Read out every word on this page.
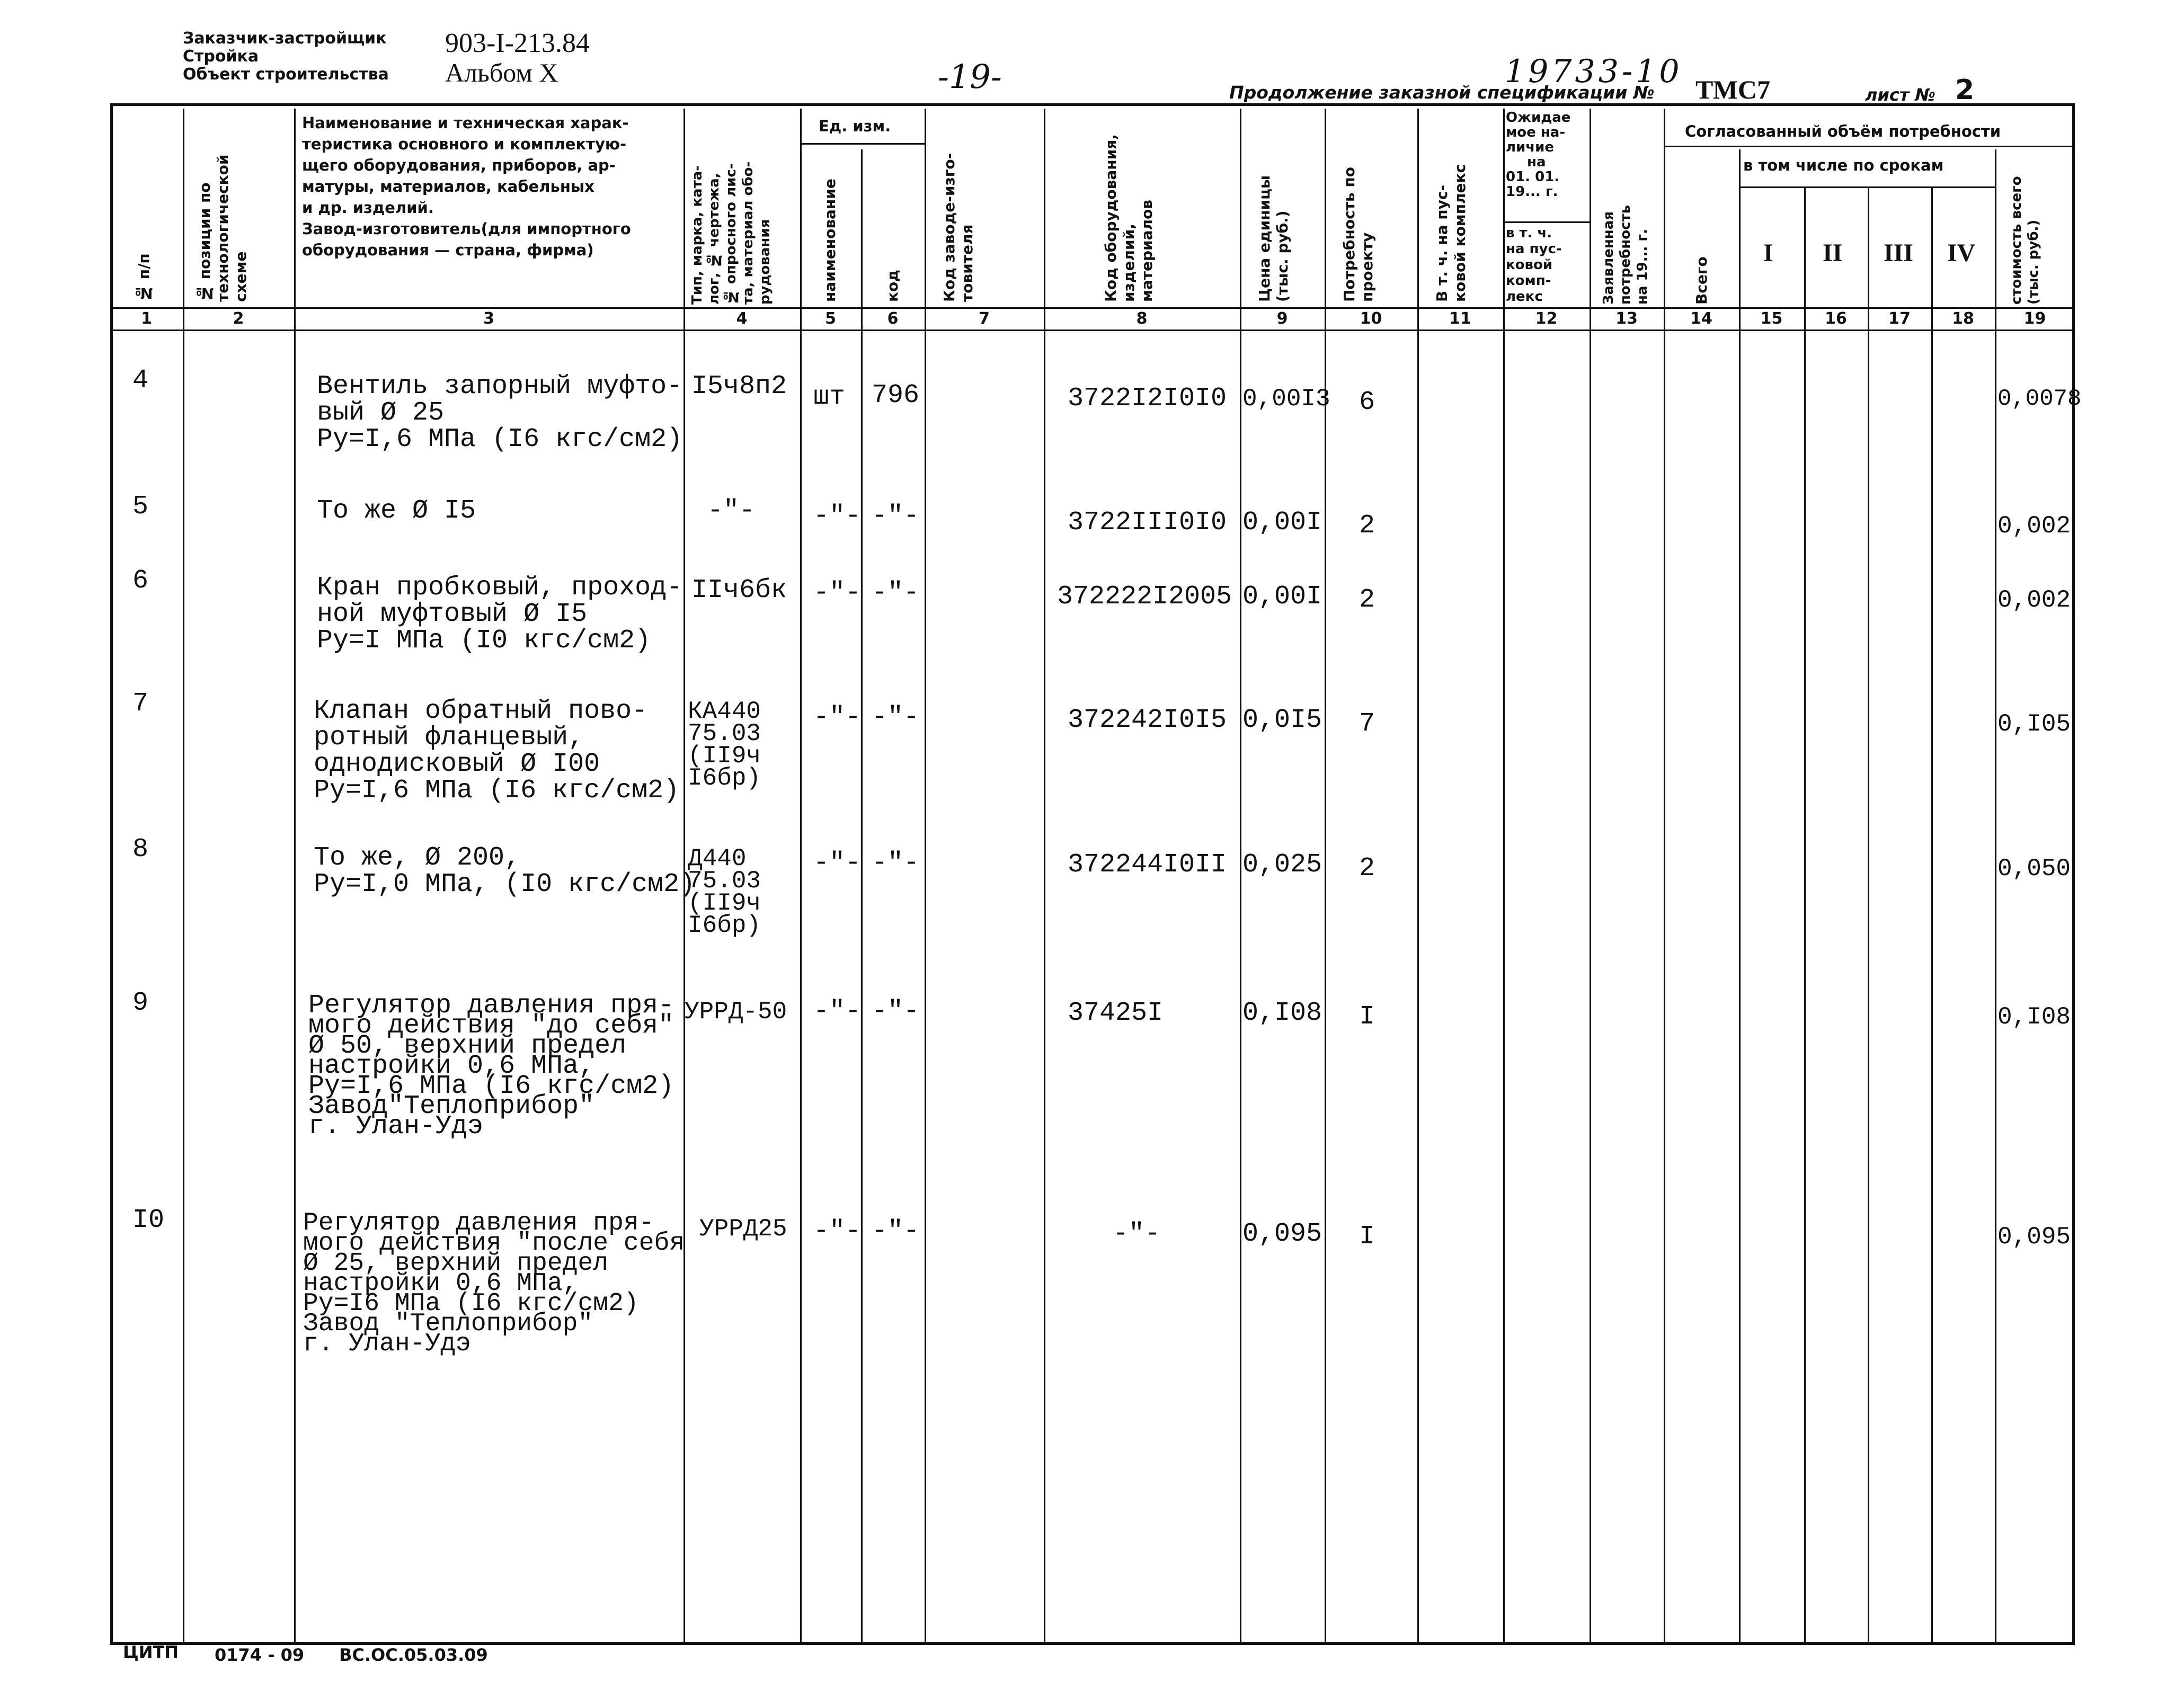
Заказчик-застройщик
Стройка
Объект строительства
903-I-213.84
Альбом X	-19-	19733-10
Продолжение заказной спецификации № ТМС7	лист № 2
№ п/п	№ позиции по технологической схеме
Наименование и техническая харак-
теристика основного и комплектую-
щего оборудования, приборов, ар-
матуры, материалов, кабельных
и др. изделий.
Завод-изготовитель(для импортного
оборудования — страна, фирма)
Тип, марка, ката-
лог, № чертежа,
№ опросного лис-
та, материал обо-
рудования
Ед. изм.
наименование	код	Код заводе-изго-
товителя	Код оборудования,
изделий,
материалов	Цена единицы
(тыс. руб.)	Потребность по
проекту	В т. ч. на пус-
ковой комплекс
Ожидае
мое на-
личие
на
01. 01.
19... г.
в т. ч.
на пус-
ковой
комп-
лекс	Заявленная
потребность
на 19... г.
Согласованный объём потребности
в том числе по срокам
Всего
I II III IV стоимость всего
(тыс. руб.)
1	2	3	4	5	6	7	8	9	10	11	12	13	14	15	16	17	18	19
4	Вентиль запорный муфто-
вый Ø 25
Ру=I,6 МПа (I6 кгс/см2)
I5ч8п2 шт 796	3722I2I0I0 0,00I3 6	0,0078
5	То же Ø I5	-"- -"- -"-	3722III0I0 0,00I 2	0,002
6	Кран пробковый, проход-
ной муфтовый Ø I5
Ру=I МПа (I0 кгс/см2)
IIч6бк -"- -"-	372222I2005 0,00I 2	0,002
7	Клапан обратный пово-
ротный фланцевый,
однодисковый Ø I00
Ру=I,6 МПа (I6 кгс/см2)
КА440
75.03
(II9ч
I6бр)
-"- -"-	372242I0I5 0,0I5 7	0,I05
8	То же, Ø 200,
Ру=I,0 МПа, (I0 кгс/см2)
Д440
75.03
(II9ч
I6бр)
-"- -"-	372244I0II 0,025 2	0,050
9	Регулятор давления пря-
мого действия "до себя"
Ø 50, верхний предел
настройки 0,6 МПа,
Ру=I,6 МПа (I6 кгс/см2)
Завод"Теплоприбор"
г. Улан-Удэ
УРРД-50 -"- -"-	37425I	0,I08 I	0,I08
I0	Регулятор давления пря-
мого действия "после себя
Ø 25, верхний предел
настройки 0,6 МПа,
Ру=I6 МПа (I6 кгс/см2)
Завод "Теплоприбор"
г. Улан-Удэ
УРРД25 -"- -"-	-"-	0,095 I	0,095
ЦИТП 0174 - 09 ВС.ОС.05.03.09
